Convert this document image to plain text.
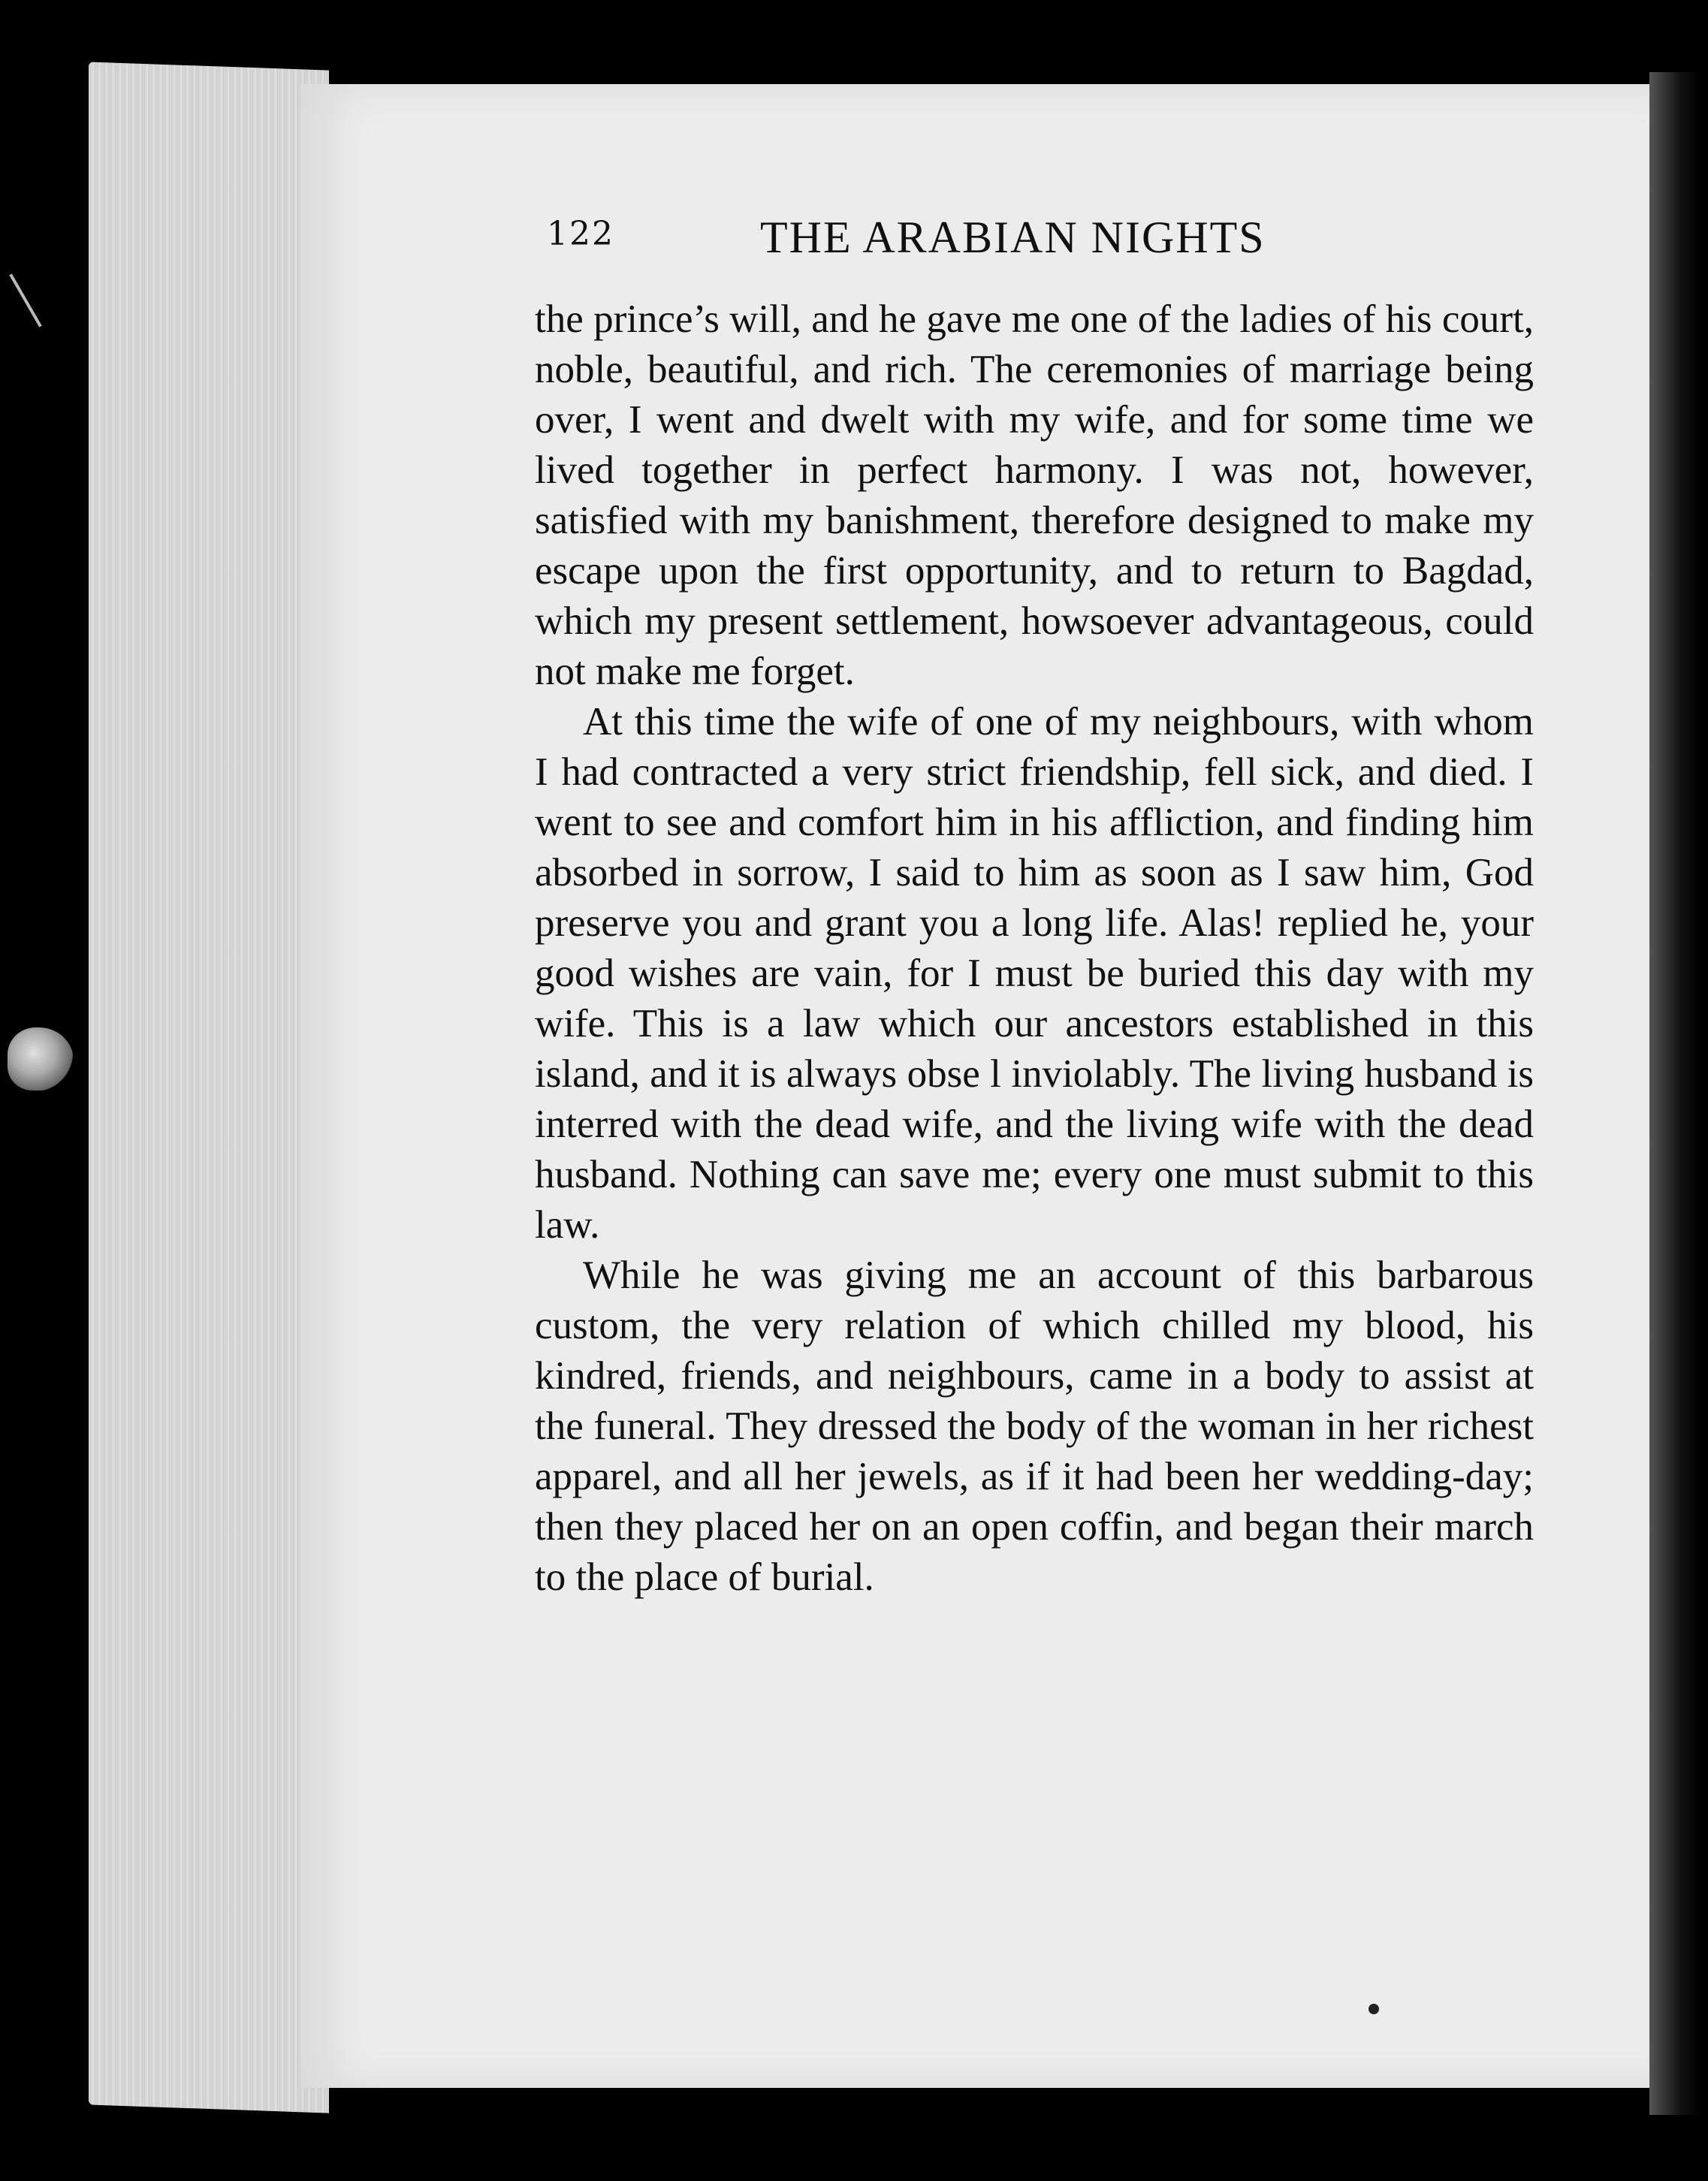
122	THE ARABIAN NIGHTS

the prince’s will, and he gave me one of the ladies of his court, noble, beautiful, and rich. The ceremonies of marriage being over, I went and dwelt with my wife, and for some time we lived together in perfect harmony. I was not, however, satisfied with my banishment, therefore designed to make my escape upon the first opportunity, and to return to Bagdad, which my present settlement, howsoever advantageous, could not make me forget.

At this time the wife of one of my neighbours, with whom I had contracted a very strict friendship, fell sick, and died. I went to see and comfort him in his affliction, and finding him absorbed in sorrow, I said to him as soon as I saw him, God preserve you and grant you a long life. Alas! replied he, your good wishes are vain, for I must be buried this day with my wife. This is a law which our ancestors established in this island, and it is always obse l inviolably. The living husband is interred with the dead wife, and the living wife with the dead husband. Nothing can save me; every one must submit to this law.

While he was giving me an account of this barbarous custom, the very relation of which chilled my blood, his kindred, friends, and neighbours, came in a body to assist at the funeral. They dressed the body of the woman in her richest apparel, and all her jewels, as if it had been her wedding-day; then they placed her on an open coffin, and began their march to the place of burial.
